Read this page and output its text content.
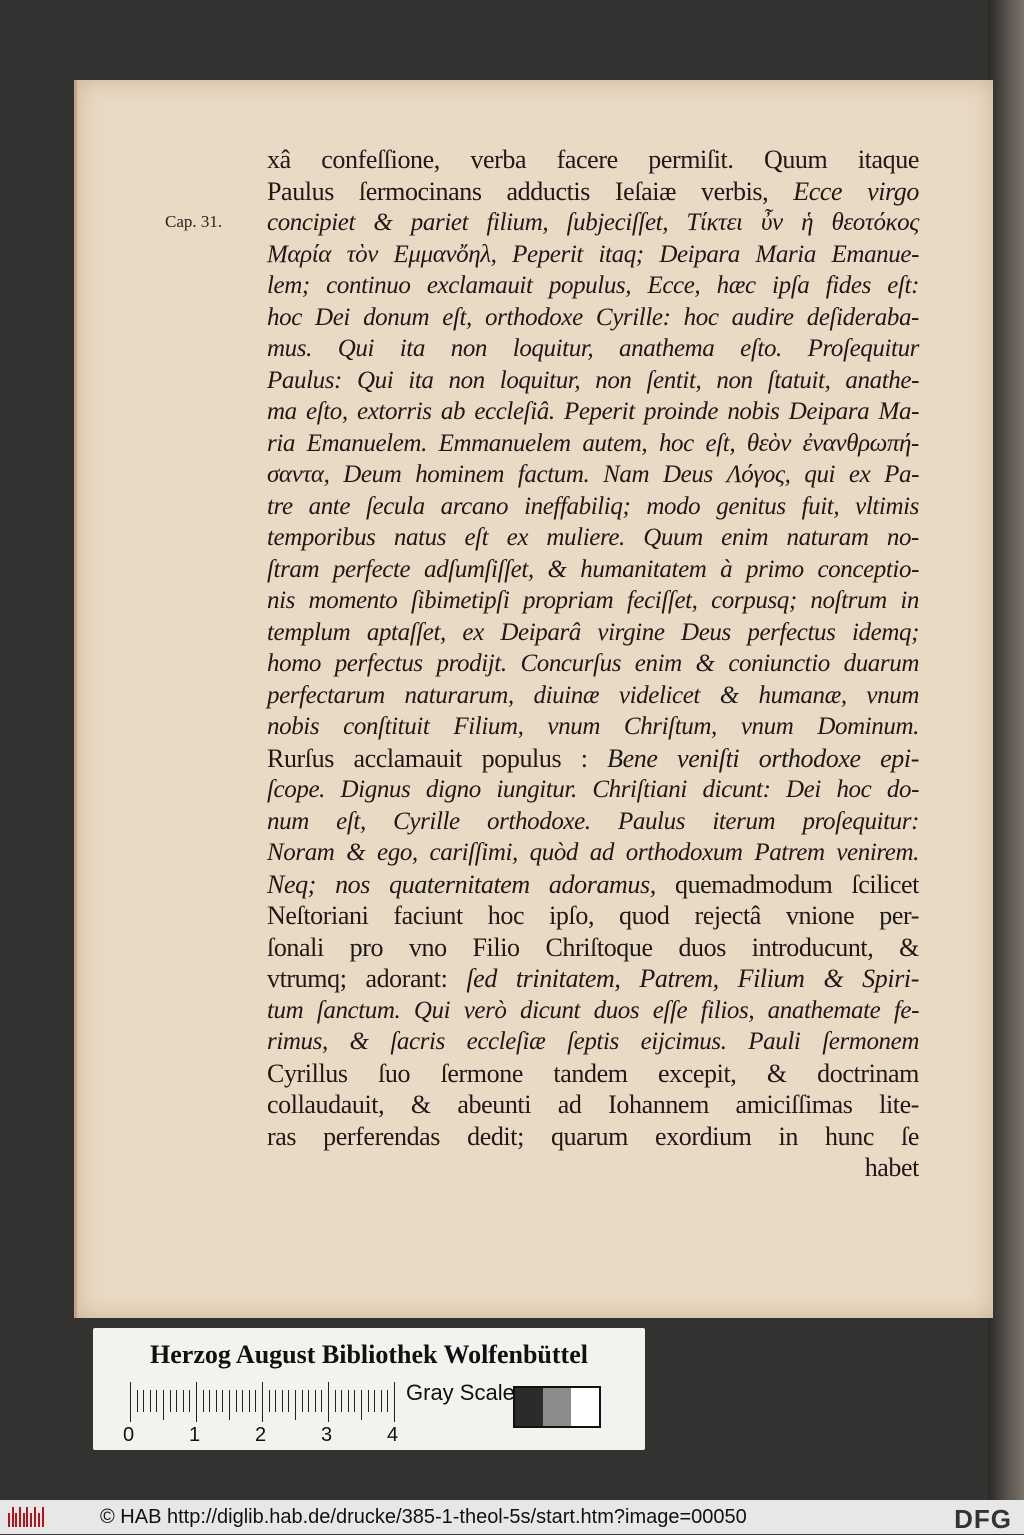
Cap. 31.
xâ confeſſione, verba facere permiſit. Quum itaque
Paulus ſermocinans adductis Ieſaiæ verbis, Ecce virgo
concipiet & pariet filium, ſubjeciſſet, Τίκτει ὖν ἡ θεοτόκος
Μαρία τὸν Εμμανὄηλ, Peperit itaq; Deipara Maria Emanue-
lem; continuo exclamauit populus, Ecce, hæc ipſa fides eſt:
hoc Dei donum eſt, orthodoxe Cyrille: hoc audire deſideraba-
mus. Qui ita non loquitur, anathema eſto. Proſequitur
Paulus: Qui ita non loquitur, non ſentit, non ſtatuit, anathe-
ma eſto, extorris ab eccleſiâ. Peperit proinde nobis Deipara Ma-
ria Emanuelem. Emmanuelem autem, hoc eſt, θεὸν ἐνανθρωπή-
σαντα, Deum hominem factum. Nam Deus Λόγος, qui ex Pa-
tre ante ſecula arcano ineffabiliq; modo genitus fuit, vltimis
temporibus natus eſt ex muliere. Quum enim naturam no-
ſtram perfecte adſumſiſſet, & humanitatem à primo conceptio-
nis momento ſibimetipſi propriam feciſſet, corpusq; noſtrum in
templum aptaſſet, ex Deiparâ virgine Deus perfectus idemq;
homo perfectus prodijt. Concurſus enim & coniunctio duarum
perfectarum naturarum, diuinæ videlicet & humanæ, vnum
nobis conſtituit Filium, vnum Chriſtum, vnum Dominum.
Rurſus acclamauit populus : Bene veniſti orthodoxe epi-
ſcope. Dignus digno iungitur. Chriſtiani dicunt: Dei hoc do-
num eſt, Cyrille orthodoxe. Paulus iterum proſequitur:
Noram & ego, cariſſimi, quòd ad orthodoxum Patrem venirem.
Neq; nos quaternitatem adoramus, quemadmodum ſcilicet
Neſtoriani faciunt hoc ipſo, quod rejectâ vnione per-
ſonali pro vno Filio Chriſtoque duos introducunt, &
vtrumq; adorant: ſed trinitatem, Patrem, Filium & Spiri-
tum ſanctum. Qui verò dicunt duos eſſe filios, anathemate fe-
rimus, & ſacris eccleſiæ ſeptis eijcimus. Pauli ſermonem
Cyrillus ſuo ſermone tandem excepit, & doctrinam
collaudauit, & abeunti ad Iohannem amiciſſimas lite-
ras perferendas dedit; quarum exordium in hunc ſe
habet
Herzog August Bibliothek Wolfenbüttel
0	1	2	3	4
Gray Scale
© HAB http://diglib.hab.de/drucke/385-1-theol-5s/start.htm?image=00050	DFG
